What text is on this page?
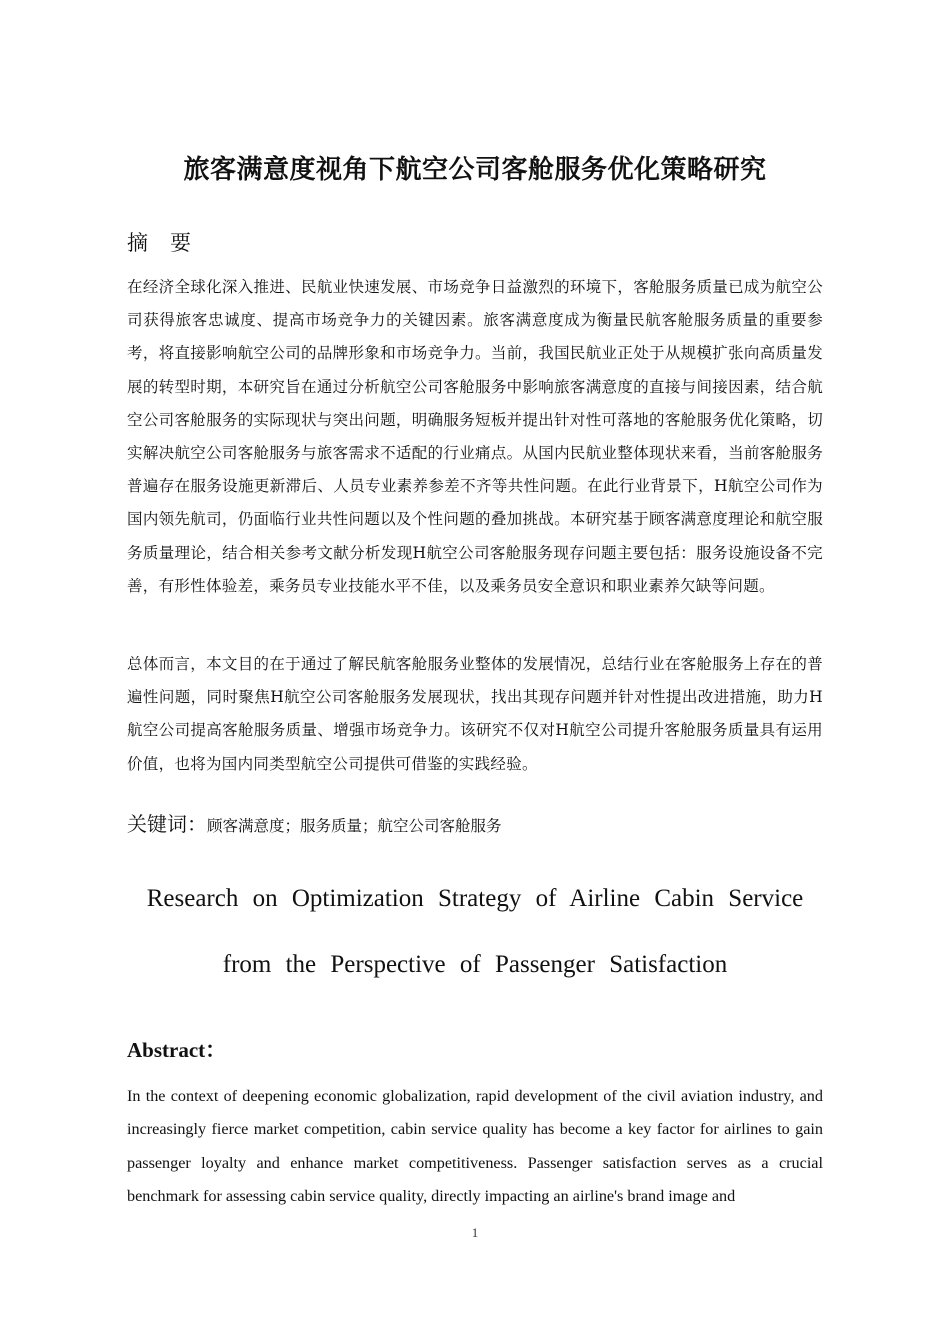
旅客满意度视角下航空公司客舱服务优化策略研究
摘 要
在经济全球化深入推进、民航业快速发展、市场竞争日益激烈的环境下，客舱服务质量已成为航空公司获得旅客忠诚度、提高市场竞争力的关键因素。旅客满意度成为衡量民航客舱服务质量的重要参考，将直接影响航空公司的品牌形象和市场竞争力。当前，我国民航业正处于从规模扩张向高质量发展的转型时期，本研究旨在通过分析航空公司客舱服务中影响旅客满意度的直接与间接因素，结合航空公司客舱服务的实际现状与突出问题，明确服务短板并提出针对性可落地的客舱服务优化策略，切实解决航空公司客舱服务与旅客需求不适配的行业痛点。从国内民航业整体现状来看，当前客舱服务普遍存在服务设施更新滞后、人员专业素养参差不齐等共性问题。在此行业背景下，H航空公司作为国内领先航司，仍面临行业共性问题以及个性问题的叠加挑战。本研究基于顾客满意度理论和航空服务质量理论，结合相关参考文献分析发现H航空公司客舱服务现存问题主要包括：服务设施设备不完善，有形性体验差，乘务员专业技能水平不佳，以及乘务员安全意识和职业素养欠缺等问题。
总体而言，本文目的在于通过了解民航客舱服务业整体的发展情况，总结行业在客舱服务上存在的普遍性问题，同时聚焦H航空公司客舱服务发展现状，找出其现存问题并针对性提出改进措施，助力H航空公司提高客舱服务质量、增强市场竞争力。该研究不仅对H航空公司提升客舱服务质量具有运用价值，也将为国内同类型航空公司提供可借鉴的实践经验。
关键词：顾客满意度；服务质量；航空公司客舱服务
Research on Optimization Strategy of Airline Cabin Service
from the Perspective of Passenger Satisfaction
Abstract：
In the context of deepening economic globalization, rapid development of the civil aviation industry, and increasingly fierce market competition, cabin service quality has become a key factor for airlines to gain passenger loyalty and enhance market competitiveness. Passenger satisfaction serves as a crucial benchmark for assessing cabin service quality, directly impacting an airline's brand image and
1
